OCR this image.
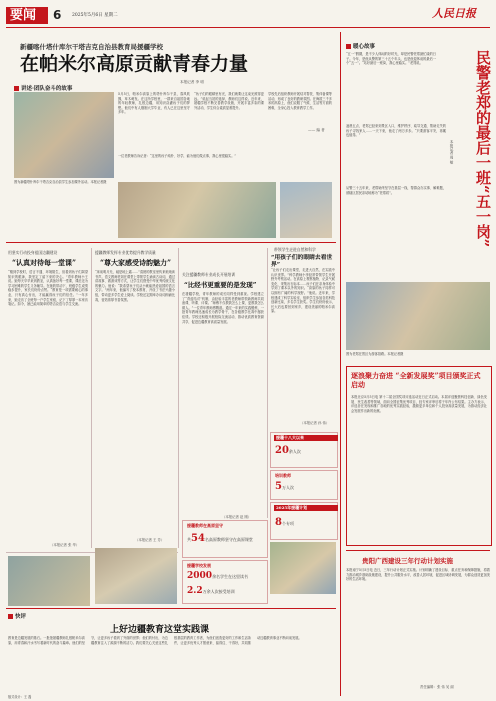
要闻 6 2025年5月6日 星期二	人民日报
新疆喀什塔什库尔干塔吉克自治县教育局援疆学校
在帕米尔高原贡献青春力量
本报记者 李 明
讲述·团队奋斗的故事
图为新疆塔什库尔干塔吉克自治县学生参加课外活动。本报记者摄
5月5日，帕米尔高原上的塔什库尔干县，春风吹拂，草木萌发。在这所学校里，一群来自祖国各地的年轻教师，扎根边疆，用知识浇灌孩子们的梦想。他们中有人刚刚大学毕业，有人已在这里坚守多年。
“孩子们的眼睛里有光，我们就要让这束光照得更远。”说起当初的选择，教师们这样说。近年来，援疆学校不断完善教学设施，开展丰富多彩的课外活动，学生综合素质显著提升。
学校先后组织教师开展结对帮扶、集体备课等活动，形成了良好的教研氛围。在海拔三千多米的高原上，他们克服了气候、生活等方面的困难，全身心投入教育教学工作。
一位老教师告诉记者：“这里的孩子纯朴、好学，能为他们做点事，我心里很踏实。”
—— 编 者
用坚实行动投身祖国边疆建设
“认真对待每一堂课”
“刚到学校时，语言不通、环境陌生，但看到孩子们渴望知识的眼神，我坚定了留下来的决心。”青年教师小王说。她每天早早来到教室，认真备好每一堂课，课后还为学习困难的学生义务辅导。在她的带动下，班级学生成绩稳步提升，家长们纷纷点赞。“教育是一项需要耐心的事业，只有真心付出，才能赢得孩子们的信任。”一年多来，她走访了全班每一户学生家庭，记下了厚厚一本家访笔记。如今，她已能用简单的塔吉克语与学生交流。
（本报记者 张 华）
援疆教师发挥专业优势提升教学质量
“尊大家感受诗韵魅力”
“床前明月光，疑是地上霜……”清晨的教室里传来琅琅读书声。语文教师老刘在课堂上带领学生诵读古诗词，通过讲故事、做游戏等方式，让学生们感受中华优秀传统文化的魅力。他说：“我希望孩子们从小就能热爱祖国的语言文字。”两年来，他编写了校本教材，开设了书法兴趣小组，带动更多学生爱上阅读。学校还定期举办诗词朗诵比赛，营造浓厚书香氛围。
（本报记者 王 芳）
关注援疆教师专业成长开展培训
“比经书更重要的是发现”
在援疆学校，青年教师的成长同样受到重视。学校建立了“青蓝结对”机制，由经验丰富的老教师带领新教师共同备课、听课、评课。“师傅不仅教我怎么上课，更教我怎么做人。”一位青年教师感慨道。通过一年来的实践锻炼，一批青年教师迅速成长为教学骨干，在各级教学比赛中屡获佳绩。学校还积极开展校际交流活动，推动优质教育资源共享，促进边疆教育高质量发展。
（本报记者 赵 刚）
带领学生走进自然和科学
“用孩子们的眼睛去看世界”
“让孩子们走出课堂，走进大自然，在实践中认识世界。”科学教师小李经常带领学生开展野外考察活动。在高原上观察植物、记录气候变化、采集岩石标本……孩子们在亲身体验中学到了课本以外的知识。“高原的孩子同样可以拥有广阔的科学视野。”他说。近年来，学校建成了科学实验室，组织学生参加各类科技创新比赛，多名学生获奖。学生们纷纷表示，长大后也要回到家乡，建设美丽的帕米尔高原。
（本报记者 孙 伟）
援疆教师在高原坚守
共54名高原教师坚守在高原课堂
援疆学校发展
2000余名学生在这里读书
2.2万余人次接受培训
援疆十八大以来
20余人次
培训教师
5万人次
2025年援疆计划
8个专项
快评
上好边疆教育这堂实践课
教育是边疆发展的基石。一批批援疆教师扎根帕米尔高原，用青春和汗水书写着新时代的奋斗篇章。他们的坚守，让更多孩子看到了外面的世界；他们的付出，为边疆教育注入了源源不断的活力。我们要关心关爱这些扎根基层的教育工作者，为他们创造更好的工作和生活条件，让更多优秀人才愿意来、留得住、干得好，共同推动边疆教育事业不断向前发展。
版式设计：王 磊
暖心故事
“五一”假期，是不少人休闲的好时光，却是民警老郑最忙碌的日子。今年，是他从警的第三十五个年头，也是他退休前的最后一个“五一”。“站好最后一班岗，我心里踏实。”老郑说。	民警老郑的最后一班“五一岗”
本报记者 周 敏
凌晨五点，老郑已经来到景区入口，维护秩序、疏导交通、帮助走失的孩子寻找家人……一天下来，他走了两万多步。“只要游客平安，再累也值得。”
从警三十五年来，老郑始终坚守在基层一线，帮群众办实事、解难题，被辖区居民亲切地称为“老郑叔”。
图为老郑在景区为游客指路。本报记者摄
逐浪聚力奋进 “全新发展奖”项目颁奖正式启动
本报北京5月5日电 第十二届全国奖项评选活动近日正式启动。本届评选聚焦科技创新、绿色发展、民生改善等领域，面向全国征集优秀项目，经专家评审后将于年内公布结果。主办方表示，评选旨在发现和推广各地的优秀实践经验，激励更多单位和个人投身高质量发展，为推动经济社会发展作出新的贡献。
贵阳广西建设三年行动计划实施
本报南宁5月5日电 近日，三年行动计划正式实施。计划明确了建设目标、重点任务和保障措施，将着力推动城乡基础设施建设，提升公共服务水平，改善人居环境，促进区域协调发展，为群众创造更加美好的生活环境。
责任编辑：张 伟 吴 丽
